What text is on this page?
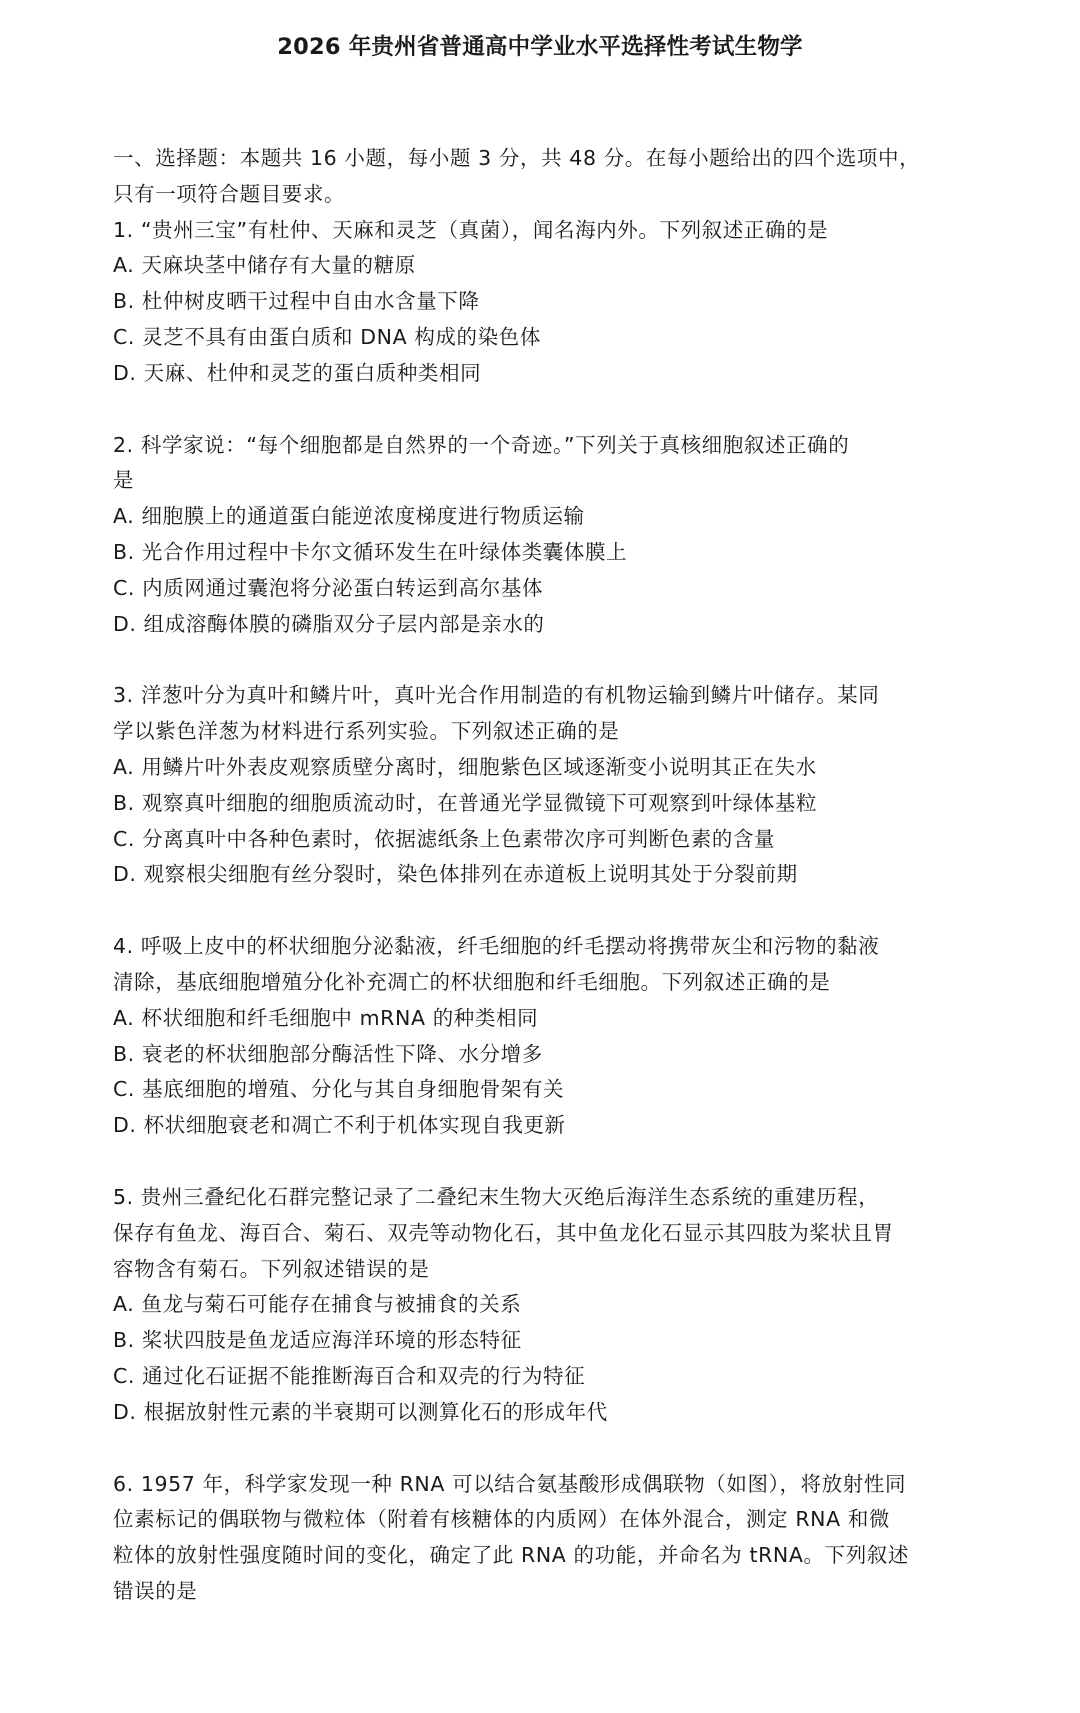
2026 年贵州省普通高中学业水平选择性考试生物学
一、选择题：本题共 16 小题，每小题 3 分，共 48 分。在每小题给出的四个选项中，
只有一项符合题目要求。
1. “贵州三宝”有杜仲、天麻和灵芝（真菌），闻名海内外。下列叙述正确的是
A. 天麻块茎中储存有大量的糖原
B. 杜仲树皮晒干过程中自由水含量下降
C. 灵芝不具有由蛋白质和 DNA 构成的染色体
D. 天麻、杜仲和灵芝的蛋白质种类相同
2. 科学家说：“每个细胞都是自然界的一个奇迹。”下列关于真核细胞叙述正确的
是
A. 细胞膜上的通道蛋白能逆浓度梯度进行物质运输
B. 光合作用过程中卡尔文循环发生在叶绿体类囊体膜上
C. 内质网通过囊泡将分泌蛋白转运到高尔基体
D. 组成溶酶体膜的磷脂双分子层内部是亲水的
3. 洋葱叶分为真叶和鳞片叶，真叶光合作用制造的有机物运输到鳞片叶储存。某同
学以紫色洋葱为材料进行系列实验。下列叙述正确的是
A. 用鳞片叶外表皮观察质壁分离时，细胞紫色区域逐渐变小说明其正在失水
B. 观察真叶细胞的细胞质流动时，在普通光学显微镜下可观察到叶绿体基粒
C. 分离真叶中各种色素时，依据滤纸条上色素带次序可判断色素的含量
D. 观察根尖细胞有丝分裂时，染色体排列在赤道板上说明其处于分裂前期
4. 呼吸上皮中的杯状细胞分泌黏液，纤毛细胞的纤毛摆动将携带灰尘和污物的黏液
清除，基底细胞增殖分化补充凋亡的杯状细胞和纤毛细胞。下列叙述正确的是
A. 杯状细胞和纤毛细胞中 mRNA 的种类相同
B. 衰老的杯状细胞部分酶活性下降、水分增多
C. 基底细胞的增殖、分化与其自身细胞骨架有关
D. 杯状细胞衰老和凋亡不利于机体实现自我更新
5. 贵州三叠纪化石群完整记录了二叠纪末生物大灭绝后海洋生态系统的重建历程，
保存有鱼龙、海百合、菊石、双壳等动物化石，其中鱼龙化石显示其四肢为桨状且胃
容物含有菊石。下列叙述错误的是
A. 鱼龙与菊石可能存在捕食与被捕食的关系
B. 桨状四肢是鱼龙适应海洋环境的形态特征
C. 通过化石证据不能推断海百合和双壳的行为特征
D. 根据放射性元素的半衰期可以测算化石的形成年代
6. 1957 年，科学家发现一种 RNA 可以结合氨基酸形成偶联物（如图），将放射性同
位素标记的偶联物与微粒体（附着有核糖体的内质网）在体外混合，测定 RNA 和微
粒体的放射性强度随时间的变化，确定了此 RNA 的功能，并命名为 tRNA。下列叙述
错误的是
